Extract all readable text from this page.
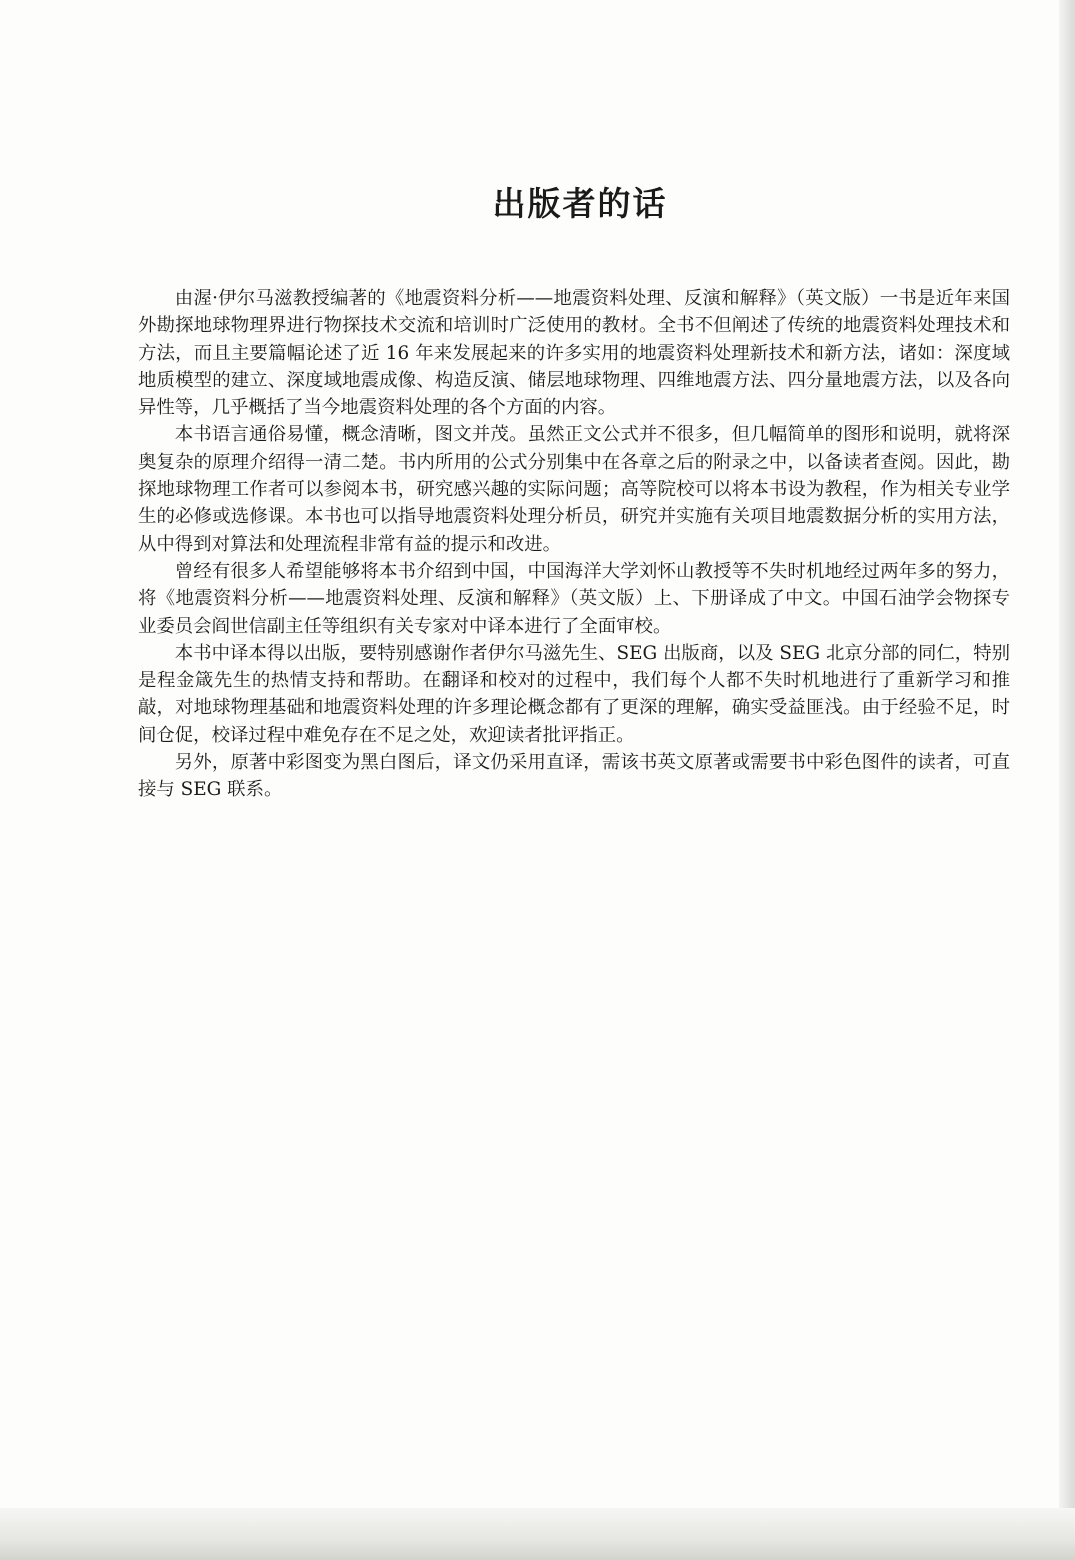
出版者的话

由渥·伊尔马滋教授编著的《地震资料分析——地震资料处理、反演和解释》（英文版）一书是近年来国外勘探地球物理界进行物探技术交流和培训时广泛使用的教材。全书不但阐述了传统的地震资料处理技术和方法，而且主要篇幅论述了近 16 年来发展起来的许多实用的地震资料处理新技术和新方法，诸如：深度域地质模型的建立、深度域地震成像、构造反演、储层地球物理、四维地震方法、四分量地震方法，以及各向异性等，几乎概括了当今地震资料处理的各个方面的内容。

本书语言通俗易懂，概念清晰，图文并茂。虽然正文公式并不很多，但几幅简单的图形和说明，就将深奥复杂的原理介绍得一清二楚。书内所用的公式分别集中在各章之后的附录之中，以备读者查阅。因此，勘探地球物理工作者可以参阅本书，研究感兴趣的实际问题；高等院校可以将本书设为教程，作为相关专业学生的必修或选修课。本书也可以指导地震资料处理分析员，研究并实施有关项目地震数据分析的实用方法，从中得到对算法和处理流程非常有益的提示和改进。

曾经有很多人希望能够将本书介绍到中国，中国海洋大学刘怀山教授等不失时机地经过两年多的努力，将《地震资料分析——地震资料处理、反演和解释》（英文版）上、下册译成了中文。中国石油学会物探专业委员会阎世信副主任等组织有关专家对中译本进行了全面审校。

本书中译本得以出版，要特别感谢作者伊尔马滋先生、SEG 出版商，以及 SEG 北京分部的同仁，特别是程金箴先生的热情支持和帮助。在翻译和校对的过程中，我们每个人都不失时机地进行了重新学习和推敲，对地球物理基础和地震资料处理的许多理论概念都有了更深的理解，确实受益匪浅。由于经验不足，时间仓促，校译过程中难免存在不足之处，欢迎读者批评指正。

另外，原著中彩图变为黑白图后，译文仍采用直译，需该书英文原著或需要书中彩色图件的读者，可直接与 SEG 联系。
